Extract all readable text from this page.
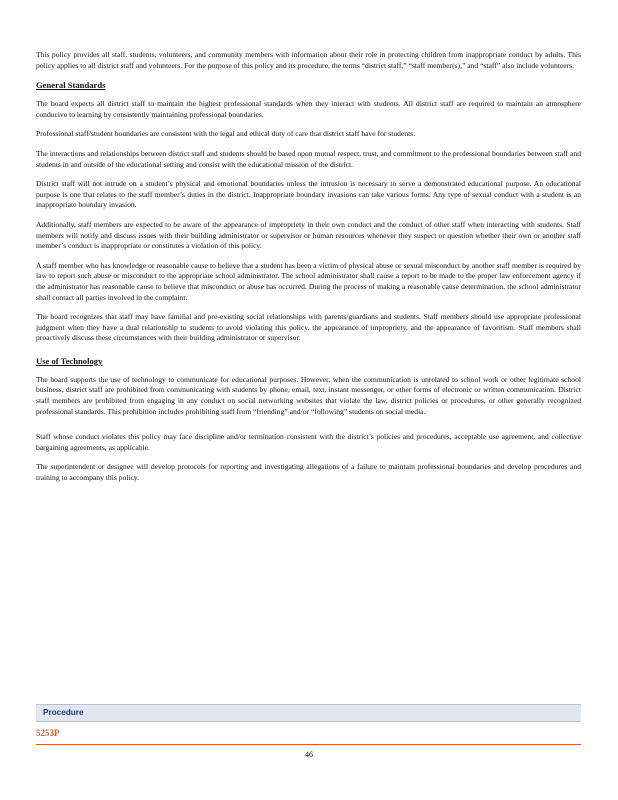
This policy provides all staff, students, volunteers, and community members with information about their role in protecting children from inappropriate conduct by adults. This policy applies to all district staff and volunteers. For the purpose of this policy and its procedure, the terms “district staff,” “staff member(s),” and “staff” also include volunteers.

General Standards

The board expects all district staff to maintain the highest professional standards when they interact with students. All district staff are required to maintain an atmosphere conducive to learning by consistently maintaining professional boundaries.

Professional staff/student boundaries are consistent with the legal and ethical duty of care that district staff have for students.

The interactions and relationships between district staff and students should be based upon mutual respect, trust, and commitment to the professional boundaries between staff and students in and outside of the educational setting and consist with the educational mission of the district.

District staff will not intrude on a student’s physical and emotional boundaries unless the intrusion is necessary to serve a demonstrated educational purpose. An educational purpose is one that relates to the staff member’s duties in the district. Inappropriate boundary invasions can take various forms. Any type of sexual conduct with a student is an inappropriate boundary invasion.

Additionally, staff members are expected to be aware of the appearance of impropriety in their own conduct and the conduct of other staff when interacting with students. Staff members will notify and discuss issues with their building administrator or supervisor or human resources whenever they suspect or question whether their own or another staff member’s conduct is inappropriate or constitutes a violation of this policy.

A staff member who has knowledge or reasonable cause to believe that a student has been a victim of physical abuse or sexual misconduct by another staff member is required by law to report such abuse or misconduct to the appropriate school administrator. The school administrator shall cause a report to be made to the proper law enforcement agency if the administrator has reasonable cause to believe that misconduct or abuse has occurred. During the process of making a reasonable cause determination, the school administrator shall contact all parties involved in the complaint.

The board recognizes that staff may have familial and pre-existing social relationships with parents/guardians and students. Staff members should use appropriate professional judgment when they have a dual relationship to students to avoid violating this policy, the appearance of impropriety, and the appearance of favoritism. Staff members shall proactively discuss these circumstances with their building administrator or supervisor.

Use of Technology

The board supports the use of technology to communicate for educational purposes. However, when the communication is unrelated to school work or other legitimate school business, district staff are prohibited from communicating with students by phone, email, text, instant messenger, or other forms of electronic or written communication. District staff members are prohibited from engaging in any conduct on social networking websites that violate the law, district policies or procedures, or other generally recognized professional standards. This prohibition includes prohibiting staff from “friending” and/or “following” students on social media.

Staff whose conduct violates this policy may face discipline and/or termination consistent with the district’s policies and procedures, acceptable use agreement, and collective bargaining agreements, as applicable.

The superintendent or designee will develop protocols for reporting and investigating allegations of a failure to maintain professional boundaries and develop procedures and training to accompany this policy.

Procedure
5253P
46
